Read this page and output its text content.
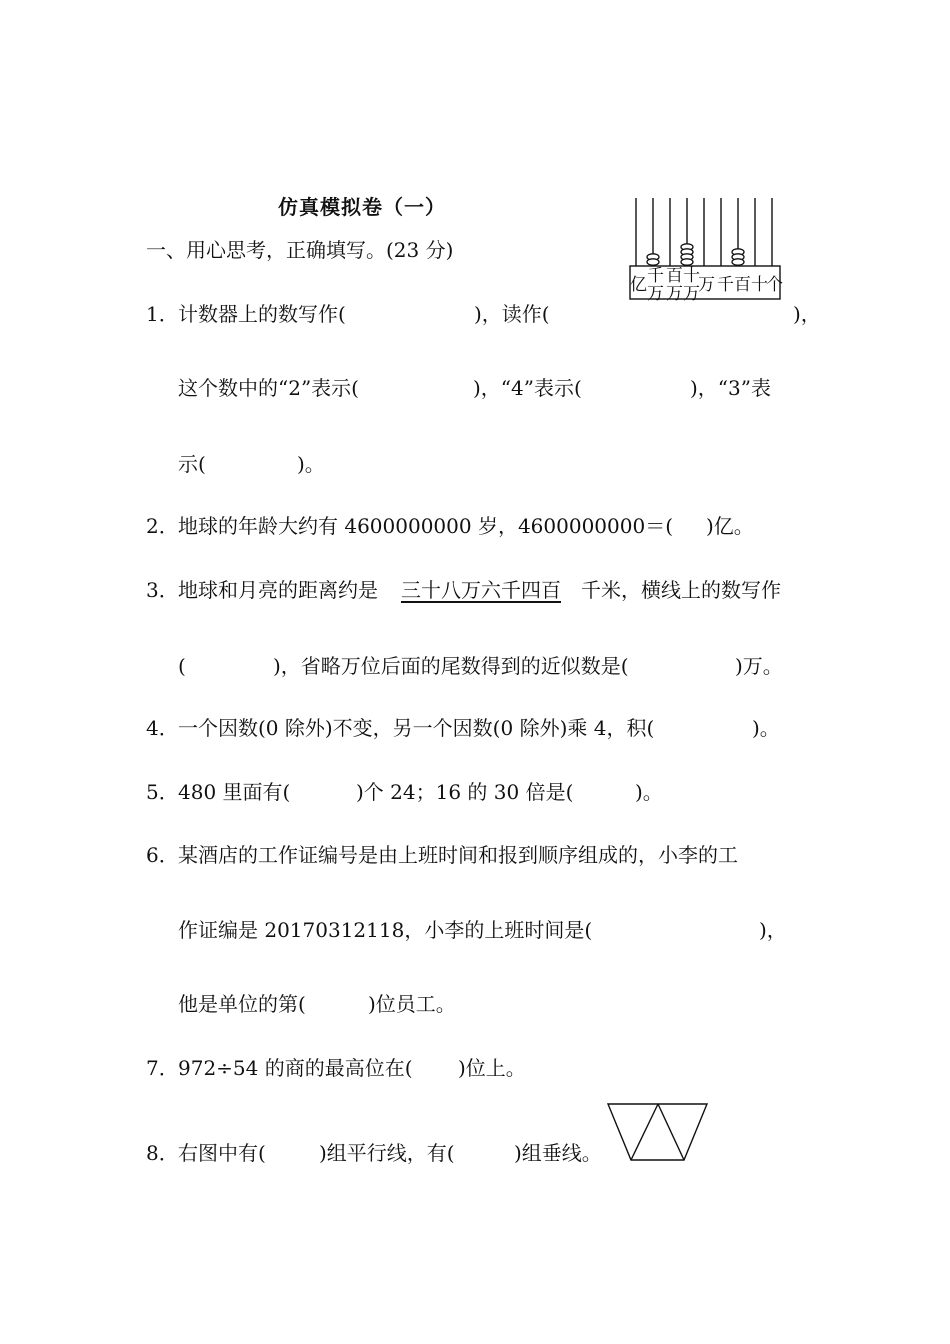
仿真模拟卷（一）
一、用心思考，正确填写。(23 分)
亿 千
万
百
万
十
万
万 千 百 十
个
1． 计数器上的数写作(	)，读作(	)，
这个数中的“2”表示(	)，“4”表示(	)，“3”表
示(	)。
2． 地球的年龄大约有 4600000000 岁，4600000000＝( )亿。
3． 地球和月亮的距离约是 三十八万六千四百 千米，横线上的数写作
(	)，省略万位后面的尾数得到的近似数是(	)万。
4． 一个因数(0 除外)不变，另一个因数(0 除外)乘 4，积(	)。
5． 480 里面有(	)个 24；16 的 30 倍是(	)。
6． 某酒店的工作证编号是由上班时间和报到顺序组成的，小李的工
作证编是 20170312118，小李的上班时间是(	)，
他是单位的第(	)位员工。
7． 972÷54 的商的最高位在( )位上。
8． 右图中有(	)组平行线，有(	)组垂线。
